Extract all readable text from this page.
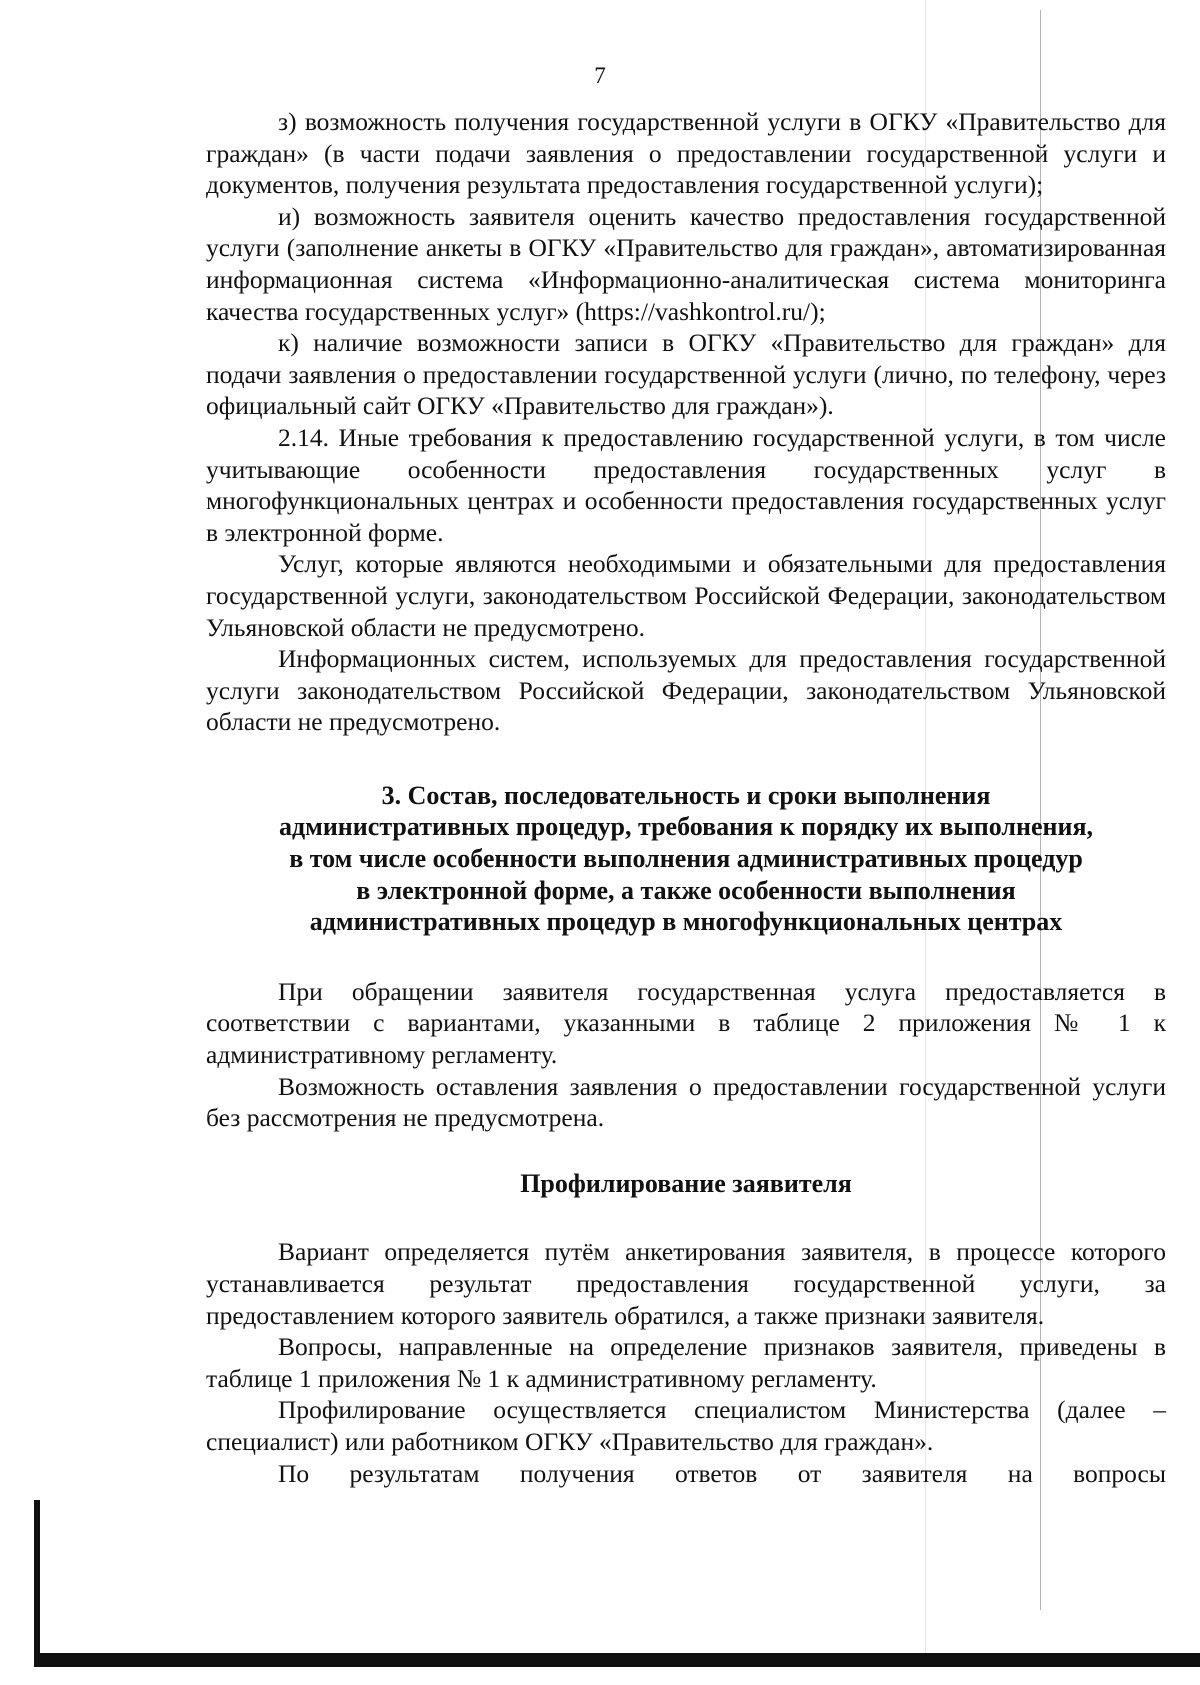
7

з) возможность получения государственной услуги в ОГКУ «Правительство для граждан» (в части подачи заявления о предоставлении государственной услуги и документов, получения результата предоставления государственной услуги);

и) возможность заявителя оценить качество предоставления государственной услуги (заполнение анкеты в ОГКУ «Правительство для граждан», автоматизированная информационная система «Информационно-аналитическая система мониторинга качества государственных услуг» (https://vashkontrol.ru/);

к) наличие возможности записи в ОГКУ «Правительство для граждан» для подачи заявления о предоставлении государственной услуги (лично, по телефону, через официальный сайт ОГКУ «Правительство для граждан»).

2.14. Иные требования к предоставлению государственной услуги, в том числе учитывающие особенности предоставления государственных услуг в многофункциональных центрах и особенности предоставления государственных услуг в электронной форме.

Услуг, которые являются необходимыми и обязательными для предоставления государственной услуги, законодательством Российской Федерации, законодательством Ульяновской области не предусмотрено.

Информационных систем, используемых для предоставления государственной услуги законодательством Российской Федерации, законодательством Ульяновской области не предусмотрено.

3. Состав, последовательность и сроки выполнения
административных процедур, требования к порядку их выполнения,
в том числе особенности выполнения административных процедур
в электронной форме, а также особенности выполнения
административных процедур в многофункциональных центрах

При обращении заявителя государственная услуга предоставляется в соответствии с вариантами, указанными в таблице 2 приложения № 1 к административному регламенту.

Возможность оставления заявления о предоставлении государственной услуги без рассмотрения не предусмотрена.

Профилирование заявителя

Вариант определяется путём анкетирования заявителя, в процессе которого устанавливается результат предоставления государственной услуги, за предоставлением которого заявитель обратился, а также признаки заявителя.

Вопросы, направленные на определение признаков заявителя, приведены в таблице 1 приложения № 1 к административному регламенту.

Профилирование осуществляется специалистом Министерства (далее – специалист) или работником ОГКУ «Правительство для граждан».

По результатам получения ответов от заявителя на вопросы
